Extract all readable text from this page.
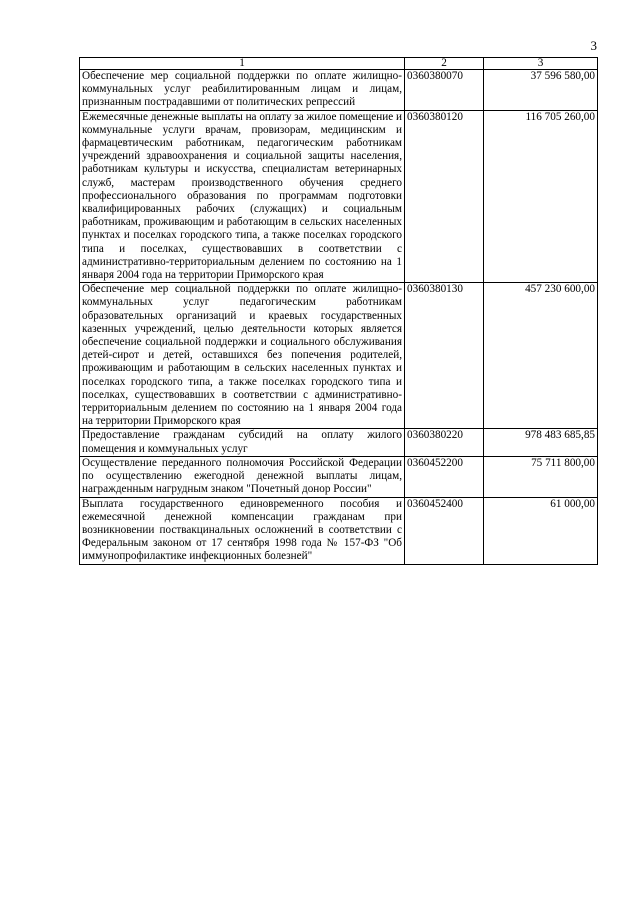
3
1	2	3
Обеспечение мер социальной поддержки по оплате жилищно-коммунальных услуг реабилитированным лицам и лицам, признанным пострадавшими от политических репрессий	0360380070	37 596 580,00
Ежемесячные денежные выплаты на оплату за жилое помещение и коммунальные услуги врачам, провизорам, медицинским и фармацевтическим работникам, педагогическим работникам учреждений здравоохранения и социальной защиты населения, работникам культуры и искусства, специалистам ветеринарных служб, мастерам производственного обучения среднего профессионального образования по программам подготовки квалифицированных рабочих (служащих) и социальным работникам, проживающим и работающим в сельских населенных пунктах и поселках городского типа, а также поселках городского типа и поселках, существовавших в соответствии с административно-территориальным делением по состоянию на 1 января 2004 года на территории Приморского края	0360380120	116 705 260,00
Обеспечение мер социальной поддержки по оплате жилищно-коммунальных услуг педагогическим работникам образовательных организаций и краевых государственных казенных учреждений, целью деятельности которых является обеспечение социальной поддержки и социального обслуживания детей-сирот и детей, оставшихся без попечения родителей, проживающим и работающим в сельских населенных пунктах и поселках городского типа, а также поселках городского типа и поселках, существовавших в соответствии с административно-территориальным делением по состоянию на 1 января 2004 года на территории Приморского края	0360380130	457 230 600,00
Предоставление гражданам субсидий на оплату жилого помещения и коммунальных услуг	0360380220	978 483 685,85
Осуществление переданного полномочия Российской Федерации по осуществлению ежегодной денежной выплаты лицам, награжденным нагрудным знаком "Почетный донор России"	0360452200	75 711 800,00
Выплата государственного единовременного пособия и ежемесячной денежной компенсации гражданам при возникновении поствакцинальных осложнений в соответствии с Федеральным законом от 17 сентября 1998 года № 157-ФЗ "Об иммунопрофилактике инфекционных болезней"	0360452400	61 000,00
